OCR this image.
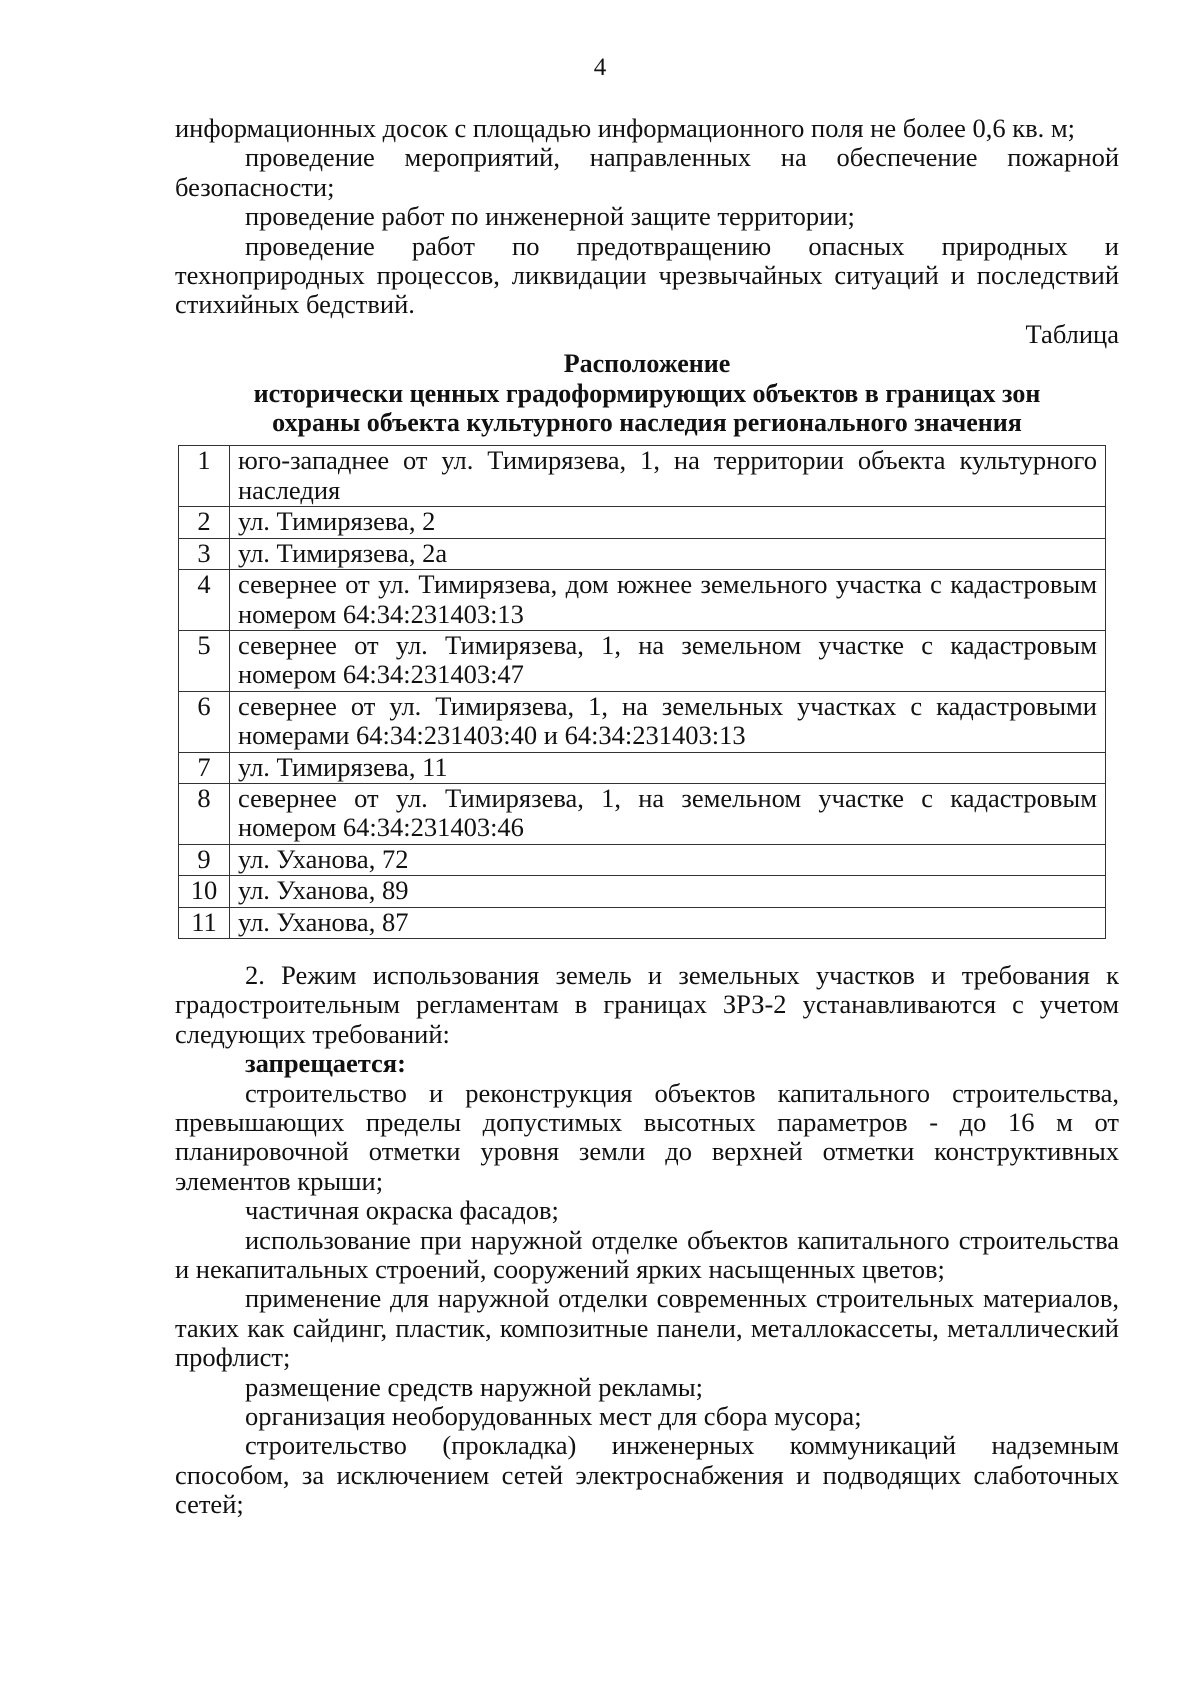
4

информационных досок с площадью информационного поля не более 0,6 кв. м;

проведение мероприятий, направленных на обеспечение пожарной безопасности;

проведение работ по инженерной защите территории;

проведение работ по предотвращению опасных природных и технoприродных процессов, ликвидации чрезвычайных ситуаций и последствий стихийных бедствий.

Таблица

Расположение

исторически ценных градоформирующих объектов в границах зон

охраны объекта культурного наследия регионального значения

1	юго-западнее от ул. Тимирязева, 1, на территории объекта культурного наследия
2	ул. Тимирязева, 2
3	ул. Тимирязева, 2а
4	севернее от ул. Тимирязева, дом южнее земельного участка с кадастровым номером 64:34:231403:13
5	севернее от ул. Тимирязева, 1, на земельном участке с кадастровым номером 64:34:231403:47
6	севернее от ул. Тимирязева, 1, на земельных участках с кадастровыми номерами 64:34:231403:40 и 64:34:231403:13
7	ул. Тимирязева, 11
8	севернее от ул. Тимирязева, 1, на земельном участке с кадастровым номером 64:34:231403:46
9	ул. Уханова, 72
10	ул. Уханова, 89
11	ул. Уханова, 87

2. Режим использования земель и земельных участков и требования к градостроительным регламентам в границах ЗРЗ-2 устанавливаются с учетом следующих требований:

запрещается:

строительство и реконструкция объектов капитального строительства, превышающих пределы допустимых высотных параметров - до 16 м от планировочной отметки уровня земли до верхней отметки конструктивных элементов крыши;

частичная окраска фасадов;

использование при наружной отделке объектов капитального строительства и некапитальных строений, сооружений ярких насыщенных цветов;

применение для наружной отделки современных строительных материалов, таких как сайдинг, пластик, композитные панели, металлокассеты, металлический профлист;

размещение средств наружной рекламы;

организация необорудованных мест для сбора мусора;

строительство (прокладка) инженерных коммуникаций надземным способом, за исключением сетей электроснабжения и подводящих слаботочных сетей;
